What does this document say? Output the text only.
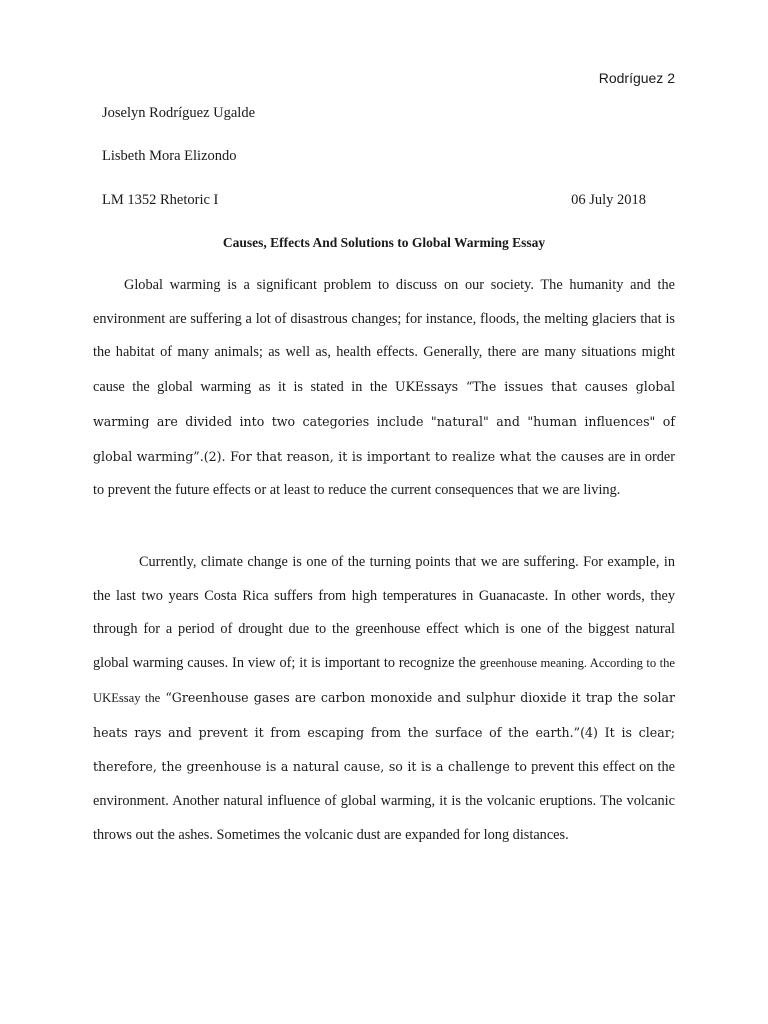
Rodríguez 2
Joselyn Rodríguez Ugalde
Lisbeth Mora Elizondo
LM 1352 Rhetoric I	06 July 2018
Causes, Effects And Solutions to Global Warming Essay
Global warming is a significant problem to discuss on our society. The humanity and the environment are suffering a lot of disastrous changes; for instance, floods, the melting glaciers that is the habitat of many animals; as well as, health effects. Generally, there are many situations might cause the global warming as it is stated in the UKEssays “The issues that causes global warming are divided into two categories include "natural" and "human influences" of global warming”.(2). For that reason, it is important to realize what the causes are in order to prevent the future effects or at least to reduce the current consequences that we are living.
Currently, climate change is one of the turning points that we are suffering. For example, in the last two years Costa Rica suffers from high temperatures in Guanacaste. In other words, they through for a period of drought due to the greenhouse effect which is one of the biggest natural global warming causes. In view of; it is important to recognize the greenhouse meaning. According to the UKEssay the “Greenhouse gases are carbon monoxide and sulphur dioxide it trap the solar heats rays and prevent it from escaping from the surface of the earth.”(4) It is clear; therefore, the greenhouse is a natural cause, so it is a challenge to prevent this effect on the environment. Another natural influence of global warming, it is the volcanic eruptions. The volcanic throws out the ashes. Sometimes the volcanic dust are expanded for long distances.
